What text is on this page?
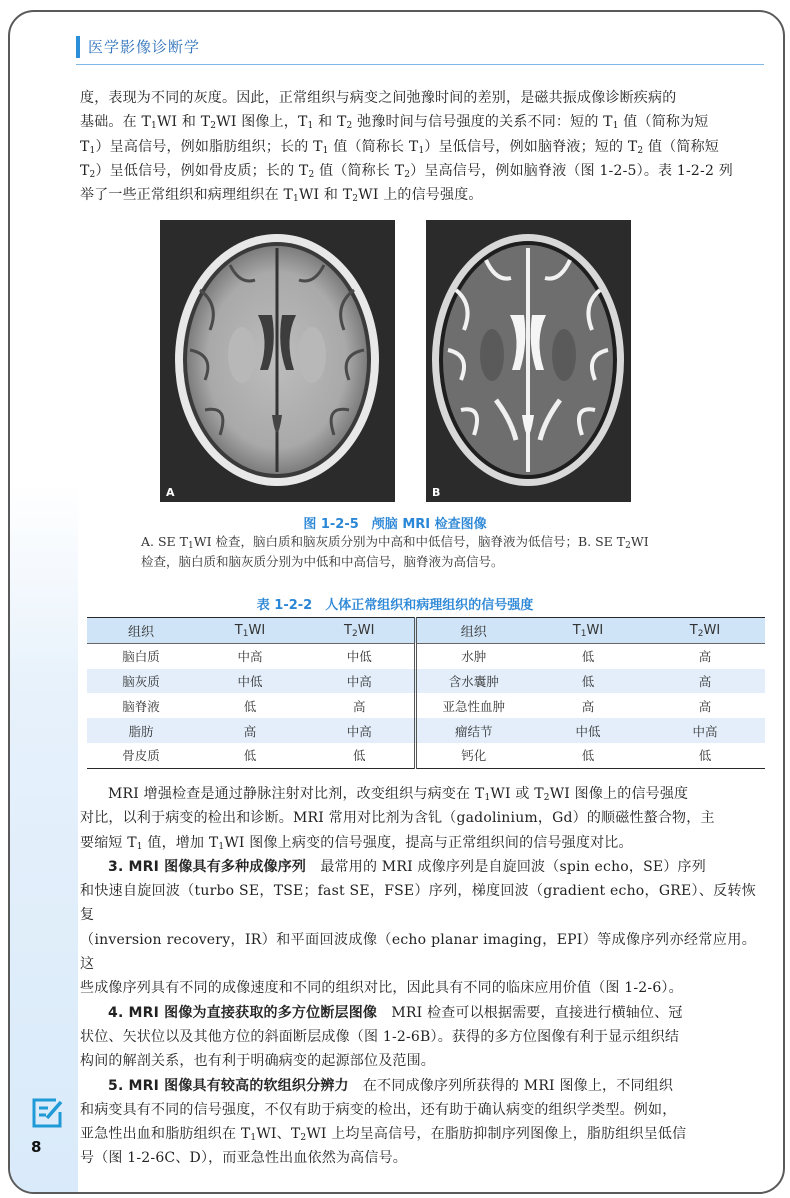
医学影像诊断学
度，表现为不同的灰度。因此，正常组织与病变之间弛豫时间的差别，是磁共振成像诊断疾病的
基础。在 $T_1WI$ 和 $T_2WI$ 图像上，$T_1$ 和 $T_2$ 弛豫时间与信号强度的关系不同：短的 $T_1$ 值（简称为短
$T_1$）呈高信号，例如脂肪组织；长的 $T_1$ 值（简称长 $T_1$）呈低信号，例如脑脊液；短的 $T_2$ 值（简称短
$T_2$）呈低信号，例如骨皮质；长的 $T_2$ 值（简称长 $T_2$）呈高信号，例如脑脊液（图 1-2-5）。表 1-2-2 列
举了一些正常组织和病理组织在 $T_1WI$ 和 $T_2WI$ 上的信号强度。
A	B
图 1-2-5　颅脑 MRI 检查图像
A. SE $T_1WI$ 检查，脑白质和脑灰质分别为中高和中低信号，脑脊液为低信号；B. SE $T_2WI$
检查，脑白质和脑灰质分别为中低和中高信号，脑脊液为高信号。
表 1-2-2　人体正常组织和病理组织的信号强度
组织	$T_1WI$	$T_2WI$	组织	$T_1WI$	$T_2WI$
脑白质	中高	中低	水肿	低	高
脑灰质	中低	中高	含水囊肿	低	高
脑脊液	低	高	亚急性血肿	高	高
脂肪	高	中高	瘤结节	中低	中高
骨皮质	低	低	钙化	低	低
MRI 增强检查是通过静脉注射对比剂，改变组织与病变在 $T_1WI$ 或 $T_2WI$ 图像上的信号强度
对比，以利于病变的检出和诊断。MRI 常用对比剂为含钆（gadolinium，Gd）的顺磁性螯合物，主
要缩短 $T_1$ 值，增加 $T_1WI$ 图像上病变的信号强度，提高与正常组织间的信号强度对比。
3. MRI 图像具有多种成像序列　最常用的 MRI 成像序列是自旋回波（spin echo，SE）序列
和快速自旋回波（turbo SE，TSE；fast SE，FSE）序列，梯度回波（gradient echo，GRE）、反转恢复
（inversion recovery，IR）和平面回波成像（echo planar imaging，EPI）等成像序列亦经常应用。这
些成像序列具有不同的成像速度和不同的组织对比，因此具有不同的临床应用价值（图 1-2-6）。
4. MRI 图像为直接获取的多方位断层图像　MRI 检查可以根据需要，直接进行横轴位、冠
状位、矢状位以及其他方位的斜面断层成像（图 1-2-6B）。获得的多方位图像有利于显示组织结
构间的解剖关系，也有利于明确病变的起源部位及范围。
5. MRI 图像具有较高的软组织分辨力　在不同成像序列所获得的 MRI 图像上，不同组织
和病变具有不同的信号强度，不仅有助于病变的检出，还有助于确认病变的组织学类型。例如，
亚急性出血和脂肪组织在 $T_1WI$、$T_2WI$ 上均呈高信号，在脂肪抑制序列图像上，脂肪组织呈低信
号（图 1-2-6C、D），而亚急性出血依然为高信号。
8
